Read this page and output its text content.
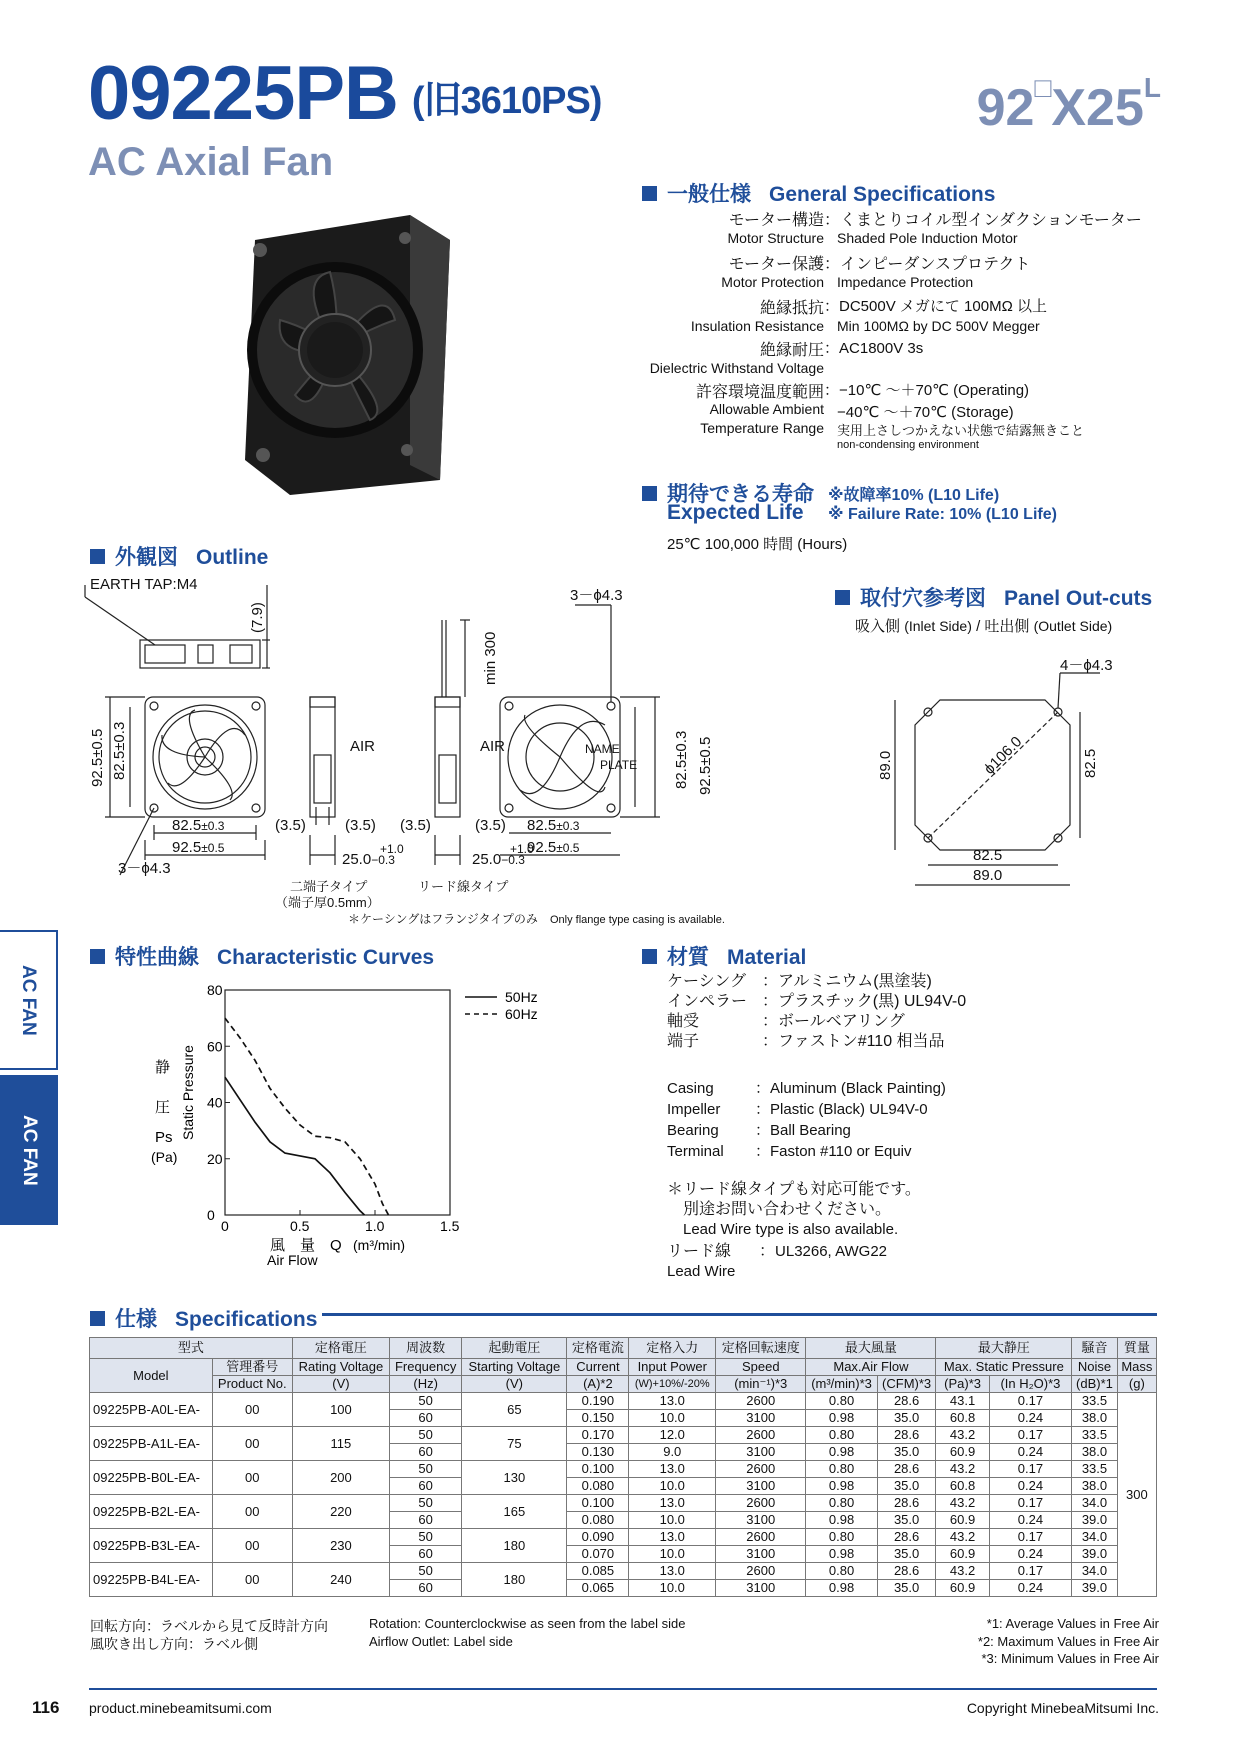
09225PB (旧3610PS)
AC Axial Fan
$92^□X25^L$
AC FAN
AC FAN
一般仕様 General Specifications
モーター構造 ：くまとりコイル型インダクションモーター
Motor Structure Shaded Pole Induction Motor
モーター保護 ：インピーダンスプロテクト
Motor Protection Impedance Protection
絶縁抵抗 ：DC500V メガにて 100MΩ 以上
Insulation Resistance Min 100MΩ by DC 500V Megger
絶縁耐圧 ：AC1800V 3s
Dielectric Withstand Voltage
許容環境温度範囲 ：−10℃ ～＋70℃ (Operating)
Allowable Ambient −40℃ ～＋70℃ (Storage)
Temperature Range 実用上さしつかえない状態で結露無きこと
non-condensing environment
期待できる寿命
Expected Life
※故障率10% (L10 Life)
※ Failure Rate: 10% (L10 Life)
25℃ 100,000 時間 (Hours)
外観図 Outline
EARTH TAP:M4
(7.9)
92.5±0.5
82.5±0.3
82.5±0.3
92.5±0.5
3－ϕ4.3
(3.5)	(3.5)
AIR
+1.0
25.0−0.3
(3.5)	(3.5)
AIR
+1.0
25.0−0.3
min 300
3－ϕ4.3
NAME
PLATE 82.5±0.3
92.5±0.5
82.5±0.3
92.5±0.5
二端子タイプ
（端子厚0.5mm）
リード線タイプ
＊ケーシングはフランジタイプのみ Only flange type casing is available.
取付穴参考図 Panel Out-cuts
吸入側 (Inlet Side) / 吐出側 (Outlet Side)
4－ϕ4.3
ϕ106.0
89.0	82.5
82.5
89.0
特性曲線 Characteristic Curves
0	0.5	1.0	1.5
0
20
40
60
80	50Hz
60Hz
静
圧
Ps
(Pa)
Static Pressure
風　量　Q (m³/min)
Air Flow
材質 Material
ケーシング ：アルミニウム(黒塗装)
インペラー ：プラスチック(黒) UL94V-0
軸受	：ボールベアリング
端子	：ファストン#110 相当品
Casing	：Aluminum (Black Painting)
Impeller ：Plastic (Black) UL94V-0
Bearing ：Ball Bearing
Terminal ：Faston #110 or Equiv
＊リード線タイプも対応可能です。
別途お問い合わせください。
Lead Wire type is also available.
リード線 ：UL3266, AWG22
Lead Wire
仕様 Specifications
型式		定格電圧	周波数	起動電圧	定格電流	定格入力	定格回転速度	最大風量		最大静圧		騒音	質量
Model	管理番号	Rating Voltage	Frequency	Starting Voltage	Current	Input Power	Speed	Max.Air Flow		Max. Static Pressure		Noise	Mass
	Product No.	(V)	(Hz)	(V)	(A)*2	(W)+10%/-20%	(min⁻¹)*3	(m³/min)*3	(CFM)*3	(Pa)*3	(In H₂O)*3	(dB)*1	(g)
09225PB-A0L-EA-	00	100	50	65	0.190	13.0	2600	0.80	28.6	43.1	0.17	33.5	300
			60		0.150	10.0	3100	0.98	35.0	60.8	0.24	38.0	
09225PB-A1L-EA-	00	115	50	75	0.170	12.0	2600	0.80	28.6	43.2	0.17	33.5	
			60		0.130	9.0	3100	0.98	35.0	60.9	0.24	38.0	
09225PB-B0L-EA-	00	200	50	130	0.100	13.0	2600	0.80	28.6	43.2	0.17	33.5	
			60		0.080	10.0	3100	0.98	35.0	60.8	0.24	38.0	
09225PB-B2L-EA-	00	220	50	165	0.100	13.0	2600	0.80	28.6	43.2	0.17	34.0	
			60		0.080	10.0	3100	0.98	35.0	60.9	0.24	39.0	
09225PB-B3L-EA-	00	230	50	180	0.090	13.0	2600	0.80	28.6	43.2	0.17	34.0	
			60		0.070	10.0	3100	0.98	35.0	60.9	0.24	39.0	
09225PB-B4L-EA-	00	240	50	180	0.085	13.0	2600	0.80	28.6	43.2	0.17	34.0	
			60		0.065	10.0	3100	0.98	35.0	60.9	0.24	39.0	
回転方向：ラベルから見て反時計方向
風吹き出し方向：ラベル側
Rotation: Counterclockwise as seen from the label side
Airflow Outlet: Label side
*1: Average Values in Free Air
*2: Maximum Values in Free Air
*3: Minimum Values in Free Air
116 product.minebeamitsumi.com	Copyright MinebeaMitsumi Inc.
